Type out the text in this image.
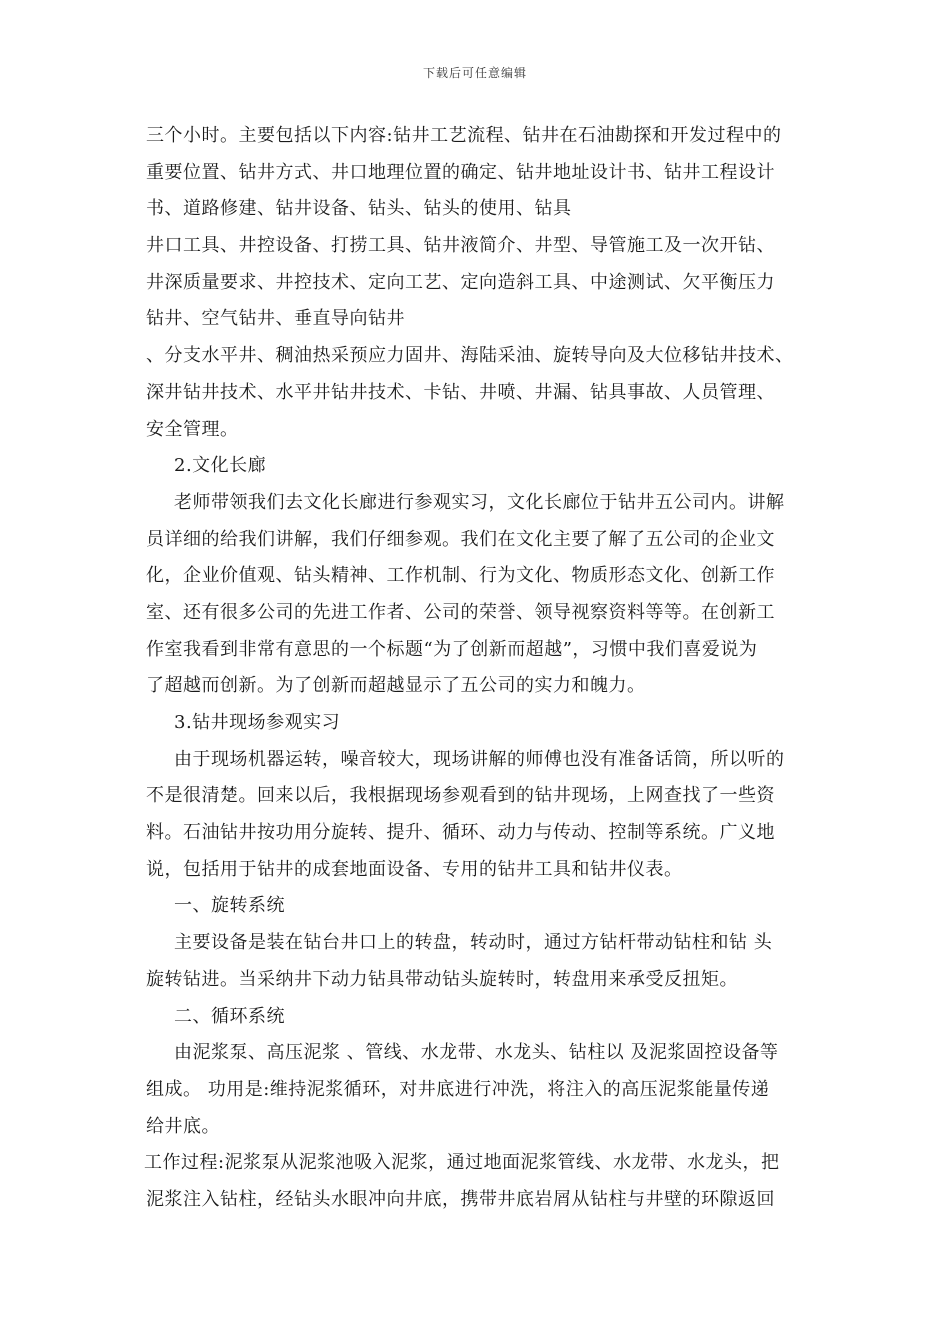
下载后可任意编辑
三个小时。主要包括以下内容:钻井工艺流程、钻井在石油勘探和开发过程中的
重要位置、钻井方式、井口地理位置的确定、钻井地址设计书、钻井工程设计
书、道路修建、钻井设备、钻头、钻头的使用、钻具
井口工具、井控设备、打捞工具、钻井液简介、井型、导管施工及一次开钻、
井深质量要求、井控技术、定向工艺、定向造斜工具、中途测试、欠平衡压力
钻井、空气钻井、垂直导向钻井
、分支水平井、稠油热采预应力固井、海陆采油、旋转导向及大位移钻井技术、
深井钻井技术、水平井钻井技术、卡钻、井喷、井漏、钻具事故、人员管理、
安全管理。
2.文化长廊
老师带领我们去文化长廊进行参观实习，文化长廊位于钻井五公司内。讲解
员详细的给我们讲解，我们仔细参观。我们在文化主要了解了五公司的企业文
化，企业价值观、钻头精神、工作机制、行为文化、物质形态文化、创新工作
室、还有很多公司的先进工作者、公司的荣誉、领导视察资料等等。在创新工
作室我看到非常有意思的一个标题“为了创新而超越”，习惯中我们喜爱说为
了超越而创新。为了创新而超越显示了五公司的实力和魄力。
3.钻井现场参观实习
由于现场机器运转，噪音较大，现场讲解的师傅也没有准备话筒，所以听的
不是很清楚。回来以后，我根据现场参观看到的钻井现场，上网查找了一些资
料。石油钻井按功用分旋转、提升、循环、动力与传动、控制等系统。广义地
说，包括用于钻井的成套地面设备、专用的钻井工具和钻井仪表。
一、旋转系统
主要设备是装在钻台井口上的转盘，转动时，通过方钻杆带动钻柱和钻 头
旋转钻进。当采纳井下动力钻具带动钻头旋转时，转盘用来承受反扭矩。
二、循环系统
由泥浆泵、高压泥浆 、管线、水龙带、水龙头、钻柱以 及泥浆固控设备等
组成。 功用是:维持泥浆循环，对井底进行冲洗，将注入的高压泥浆能量传递
给井底。
工作过程:泥浆泵从泥浆池吸入泥浆，通过地面泥浆管线、水龙带、水龙头，把
泥浆注入钻柱，经钻头水眼冲向井底，携带井底岩屑从钻柱与井壁的环隙返回
